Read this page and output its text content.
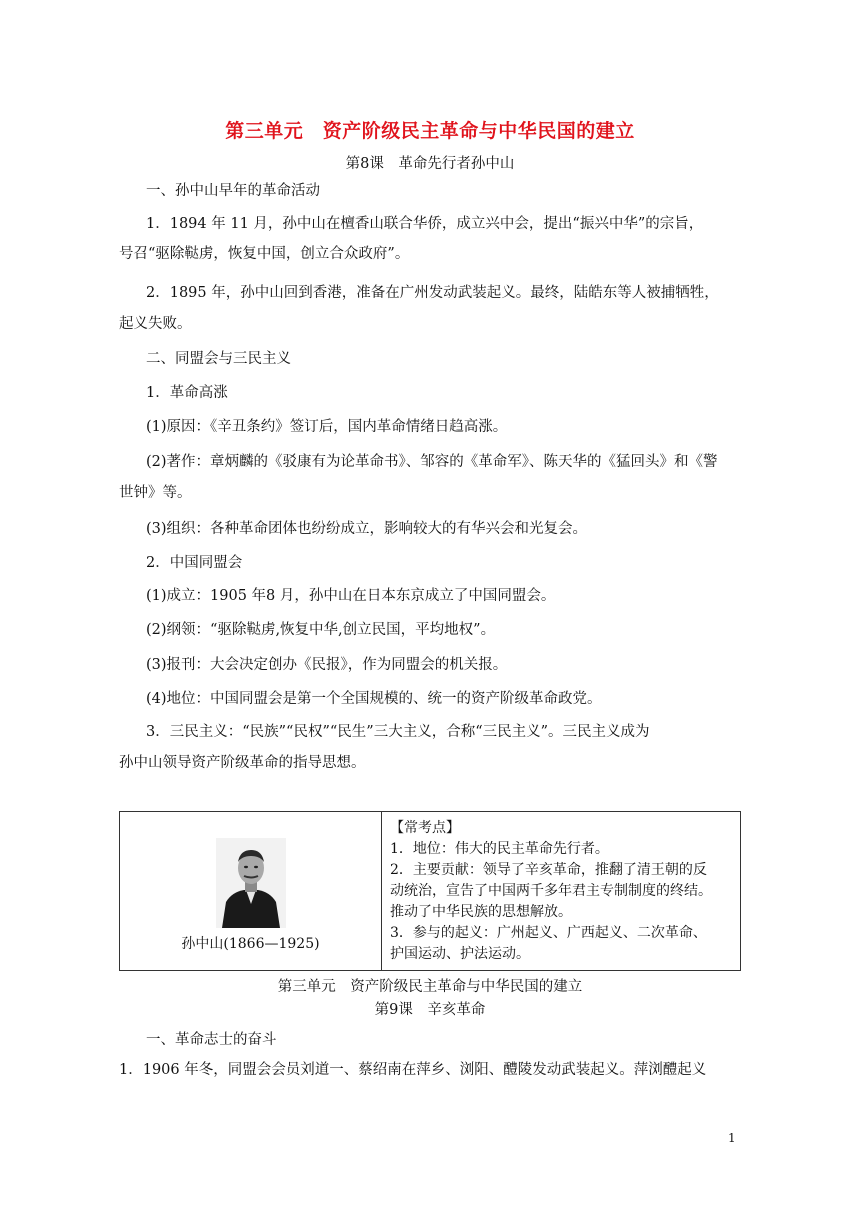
第三单元　资产阶级民主革命与中华民国的建立
第8课　革命先行者孙中山
一、孙中山早年的革命活动
1．1894 年 11 月，孙中山在檀香山联合华侨，成立兴中会，提出“振兴中华”的宗旨，
号召“驱除鞑虏，恢复中国，创立合众政府”。
2．1895 年，孙中山回到香港，准备在广州发动武装起义。最终，陆皓东等人被捕牺牲，
起义失败。
二、同盟会与三民主义
1．革命高涨
(1)原因：《辛丑条约》签订后，国内革命情绪日趋高涨。
(2)著作：章炳麟的《驳康有为论革命书》、邹容的《革命军》、陈天华的《猛回头》和《警
世钟》等。
(3)组织：各种革命团体也纷纷成立，影响较大的有华兴会和光复会。
2．中国同盟会
(1)成立：1905 年8 月，孙中山在日本东京成立了中国同盟会。
(2)纲领：“驱除鞑虏,恢复中华,创立民国，平均地权”。
(3)报刊：大会决定创办《民报》，作为同盟会的机关报。
(4)地位：中国同盟会是第一个全国规模的、统一的资产阶级革命政党。
3．三民主义：“民族”“民权”“民生”三大主义，合称“三民主义”。三民主义成为
孙中山领导资产阶级革命的指导思想。
孙中山(1866—1925)
【常考点】
1．地位：伟大的民主革命先行者。
2．主要贡献：领导了辛亥革命，推翻了清王朝的反
动统治，宣告了中国两千多年君主专制制度的终结。
推动了中华民族的思想解放。
3．参与的起义：广州起义、广西起义、二次革命、
护国运动、护法运动。
第三单元　资产阶级民主革命与中华民国的建立
第9课　辛亥革命
一、革命志士的奋斗
1．1906 年冬，同盟会会员刘道一、蔡绍南在萍乡、浏阳、醴陵发动武装起义。萍浏醴起义
1
